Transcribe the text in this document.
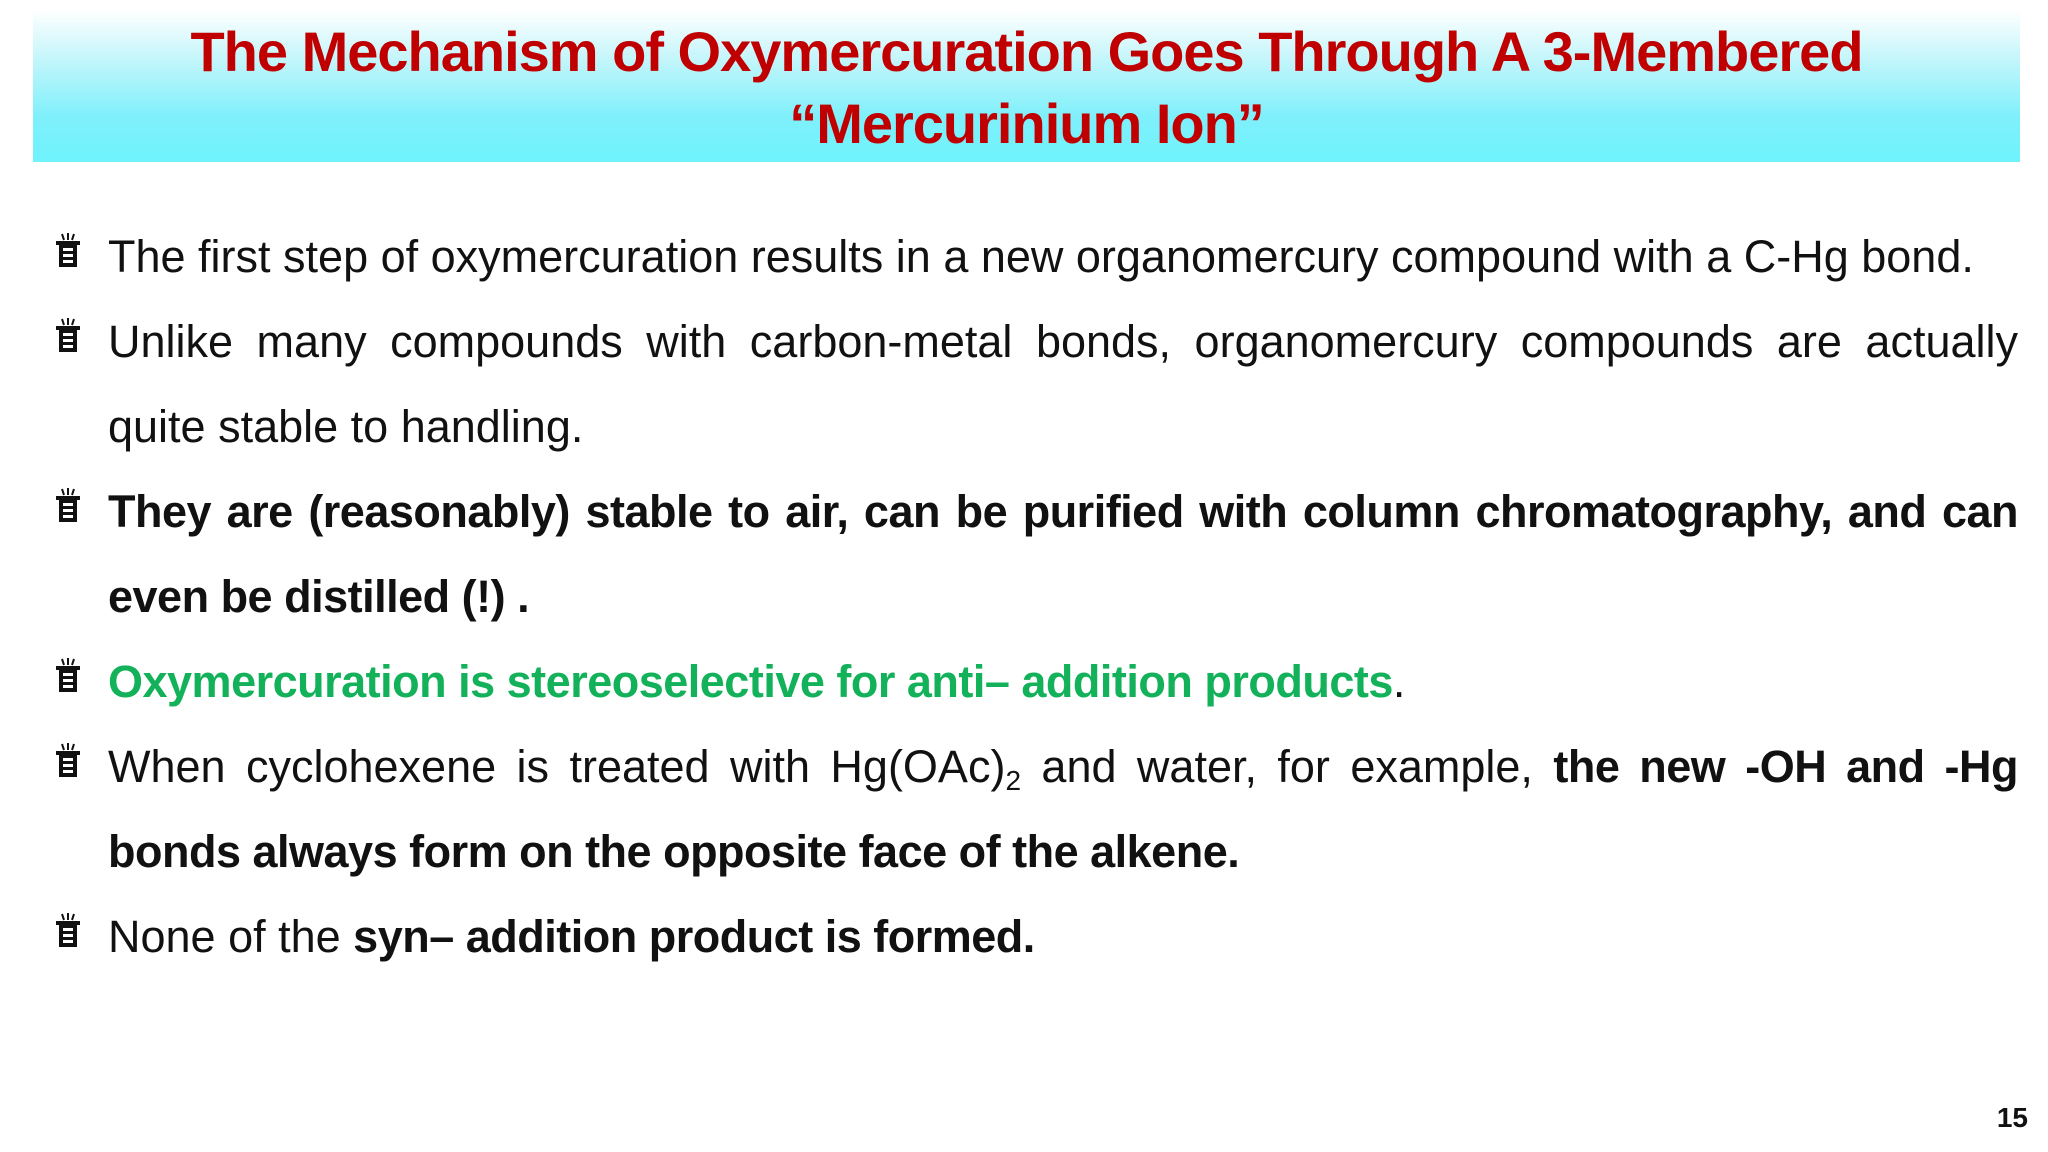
The Mechanism of Oxymercuration Goes Through A 3-Membered
“Mercurinium Ion”

The first step of oxymercuration results in a new organomercury compound with a C-Hg bond.

Unlike many compounds with carbon-metal bonds, organomercury compounds are actually quite stable to handling.

They are (reasonably) stable to air, can be purified with column chromatography, and can even be distilled (!) .

Oxymercuration is stereoselective for anti– addition products.

When cyclohexene is treated with $Hg(OAc)_2$ and water, for example, the new -OH and -Hg bonds always form on the opposite face of the alkene.

None of the syn– addition product is formed.

15
